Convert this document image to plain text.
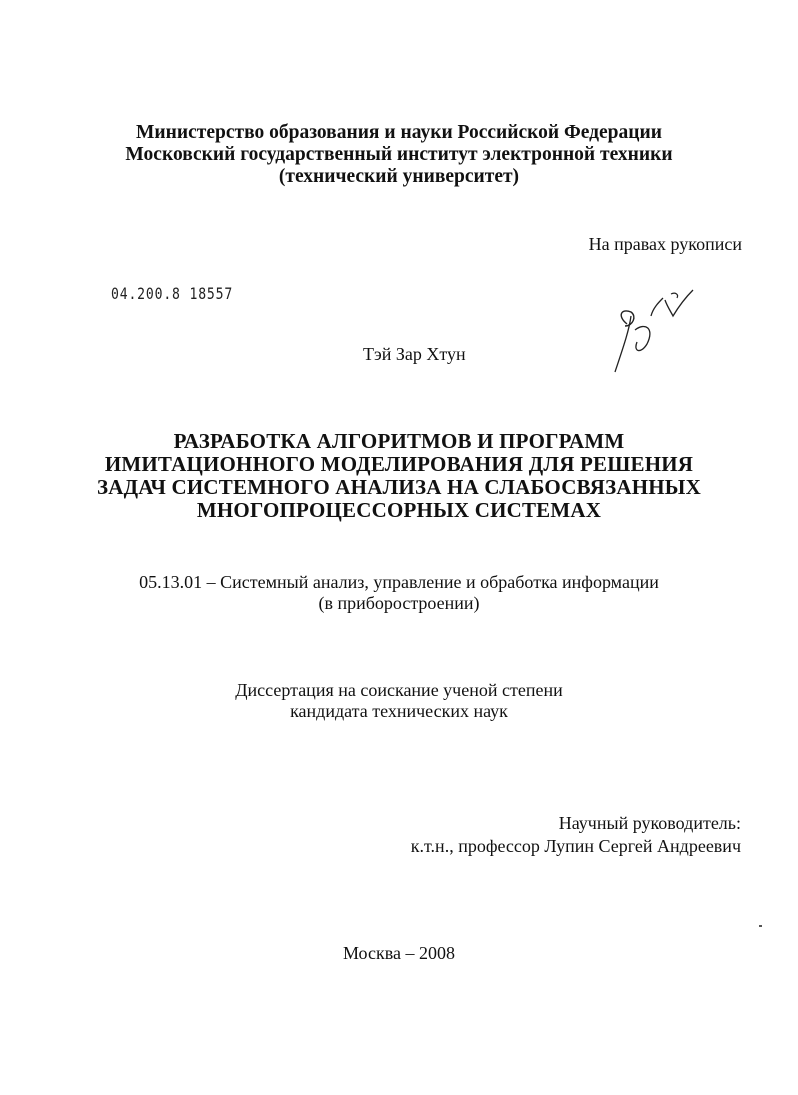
Министерство образования и науки Российской Федерации
Московский государственный институт электронной техники
(технический университет)
На правах рукописи
04.200.8 18557
Тэй Зар Хтун
РАЗРАБОТКА АЛГОРИТМОВ И ПРОГРАММ
ИМИТАЦИОННОГО МОДЕЛИРОВАНИЯ ДЛЯ РЕШЕНИЯ
ЗАДАЧ СИСТЕМНОГО АНАЛИЗА НА СЛАБОСВЯЗАННЫХ
МНОГОПРОЦЕССОРНЫХ СИСТЕМАХ
05.13.01 – Системный анализ, управление и обработка информации
(в приборостроении)
Диссертация на соискание ученой степени
кандидата технических наук
Научный руководитель:
к.т.н., профессор Лупин Сергей Андреевич
Москва – 2008
